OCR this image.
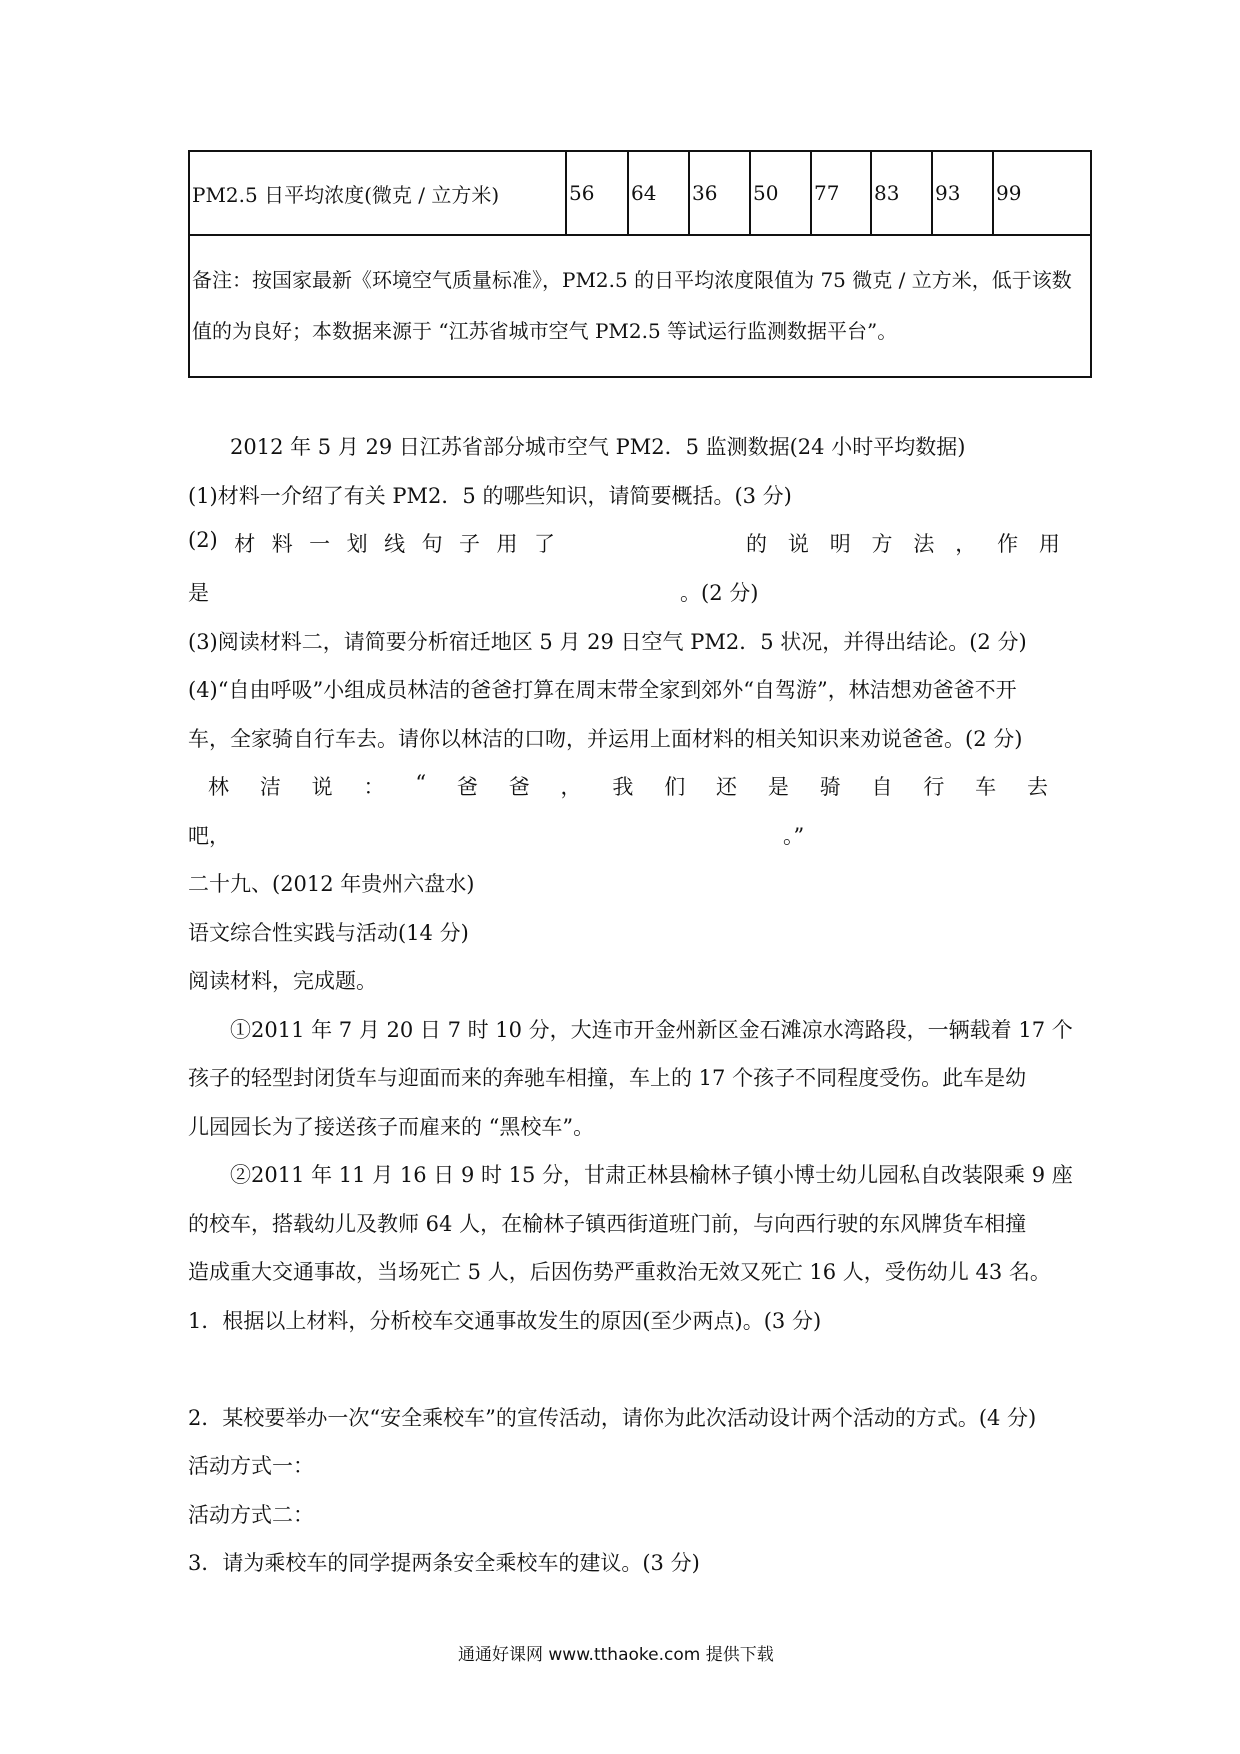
PM2.5 日平均浓度(微克 / 立方米)	56	64	36	50	77	83	93	99
备注：按国家最新《环境空气质量标准》，PM2.5 的日平均浓度限值为 75 微克 / 立方米，低于该数值的为良好；本数据来源于 “江苏省城市空气 PM2.5 等试运行监测数据平台”。
2012 年 5 月 29 日江苏省部分城市空气 PM2．5 监测数据(24 小时平均数据)
(1)材料一介绍了有关 PM2．5 的哪些知识，请简要概括。(3 分)
(2) 材 料 一 划 线 句 子 用 了	的 说 明 方 法 ， 作 用
是	。(2 分)
(3)阅读材料二，请简要分析宿迁地区 5 月 29 日空气 PM2．5 状况，并得出结论。(2 分)
(4)“自由呼吸”小组成员林洁的爸爸打算在周末带全家到郊外“自驾游”，林洁想劝爸爸不开
车，全家骑自行车去。请你以林洁的口吻，并运用上面材料的相关知识来劝说爸爸。(2 分)
林 洁 说 ： “ 爸 爸 ， 我 们 还 是 骑 自 行 车 去
吧，	。”
二十九、(2012 年贵州六盘水)
语文综合性实践与活动(14 分)
阅读材料，完成题。
①2011 年 7 月 20 日 7 时 10 分，大连市开金州新区金石滩凉水湾路段，一辆载着 17 个
孩子的轻型封闭货车与迎面而来的奔驰车相撞，车上的 17 个孩子不同程度受伤。此车是幼
儿园园长为了接送孩子而雇来的 “黑校车”。
②2011 年 11 月 16 日 9 时 15 分，甘肃正林县榆林子镇小博士幼儿园私自改装限乘 9 座
的校车，搭载幼儿及教师 64 人，在榆林子镇西街道班门前，与向西行驶的东风牌货车相撞
造成重大交通事故，当场死亡 5 人，后因伤势严重救治无效又死亡 16 人，受伤幼儿 43 名。
1．根据以上材料，分析校车交通事故发生的原因(至少两点)。(3 分)
2．某校要举办一次“安全乘校车”的宣传活动，请你为此次活动设计两个活动的方式。(4 分)
活动方式一：
活动方式二：
3．请为乘校车的同学提两条安全乘校车的建议。(3 分)
通通好课网 www.tthaoke.com 提供下载
